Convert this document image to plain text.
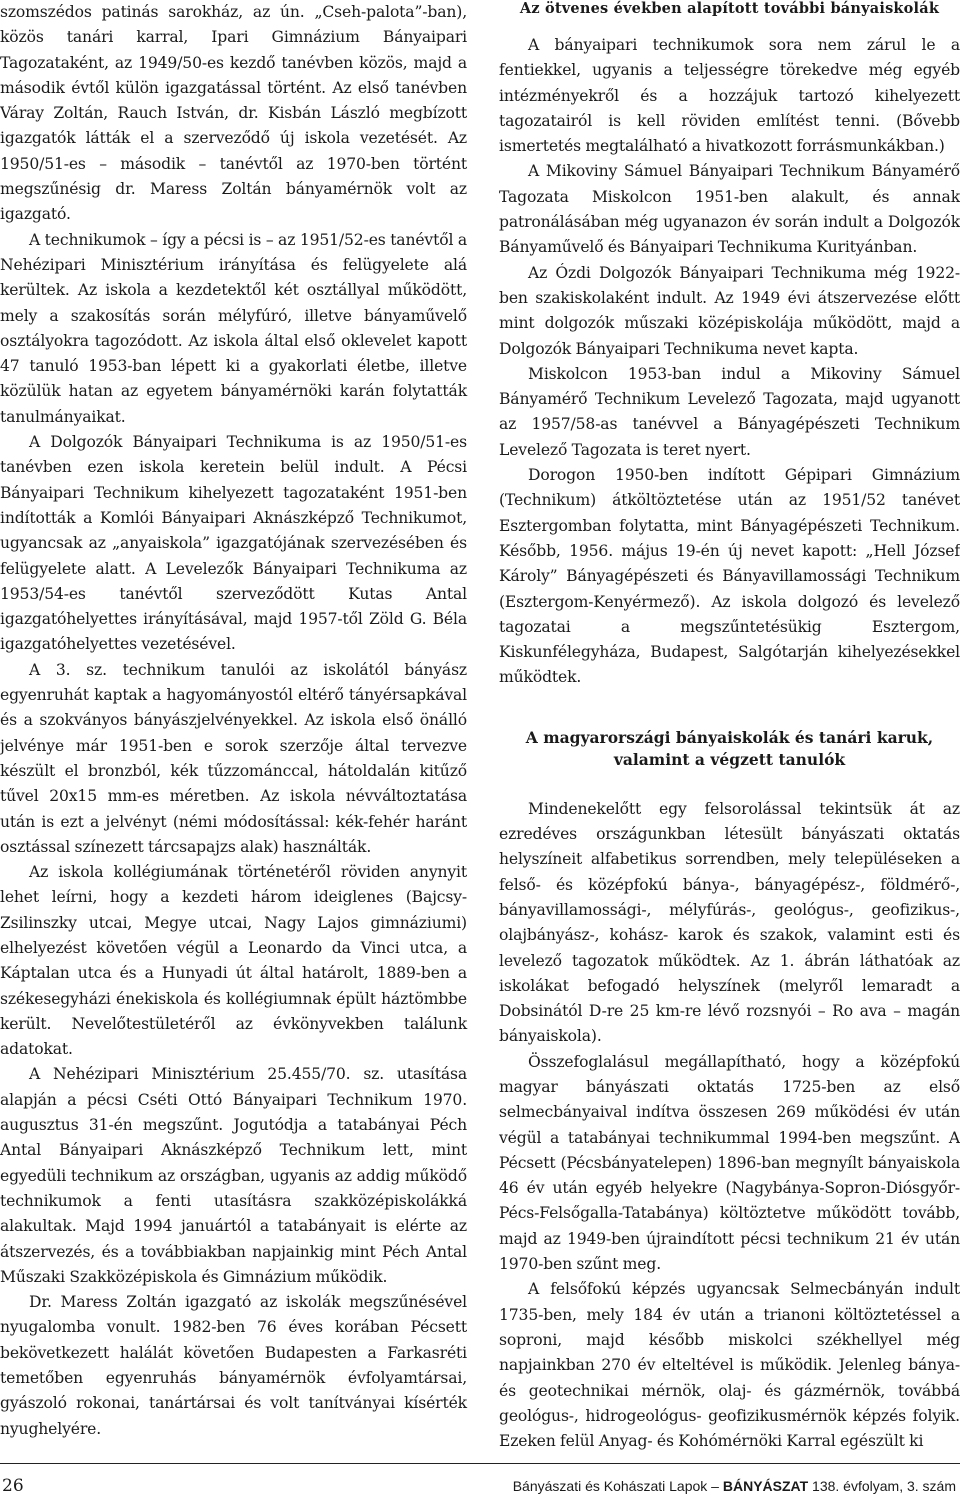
szomszédos patinás sarokház, az ún. „Cseh-palota”-ban), közös tanári karral, Ipari Gimnázium Bányaipari Tagozataként, az 1949/50-es kezdő tanévben közös, majd a második évtől külön igazgatással történt. Az első tanévben Váray Zoltán, Rauch István, dr. Kisbán László megbízott igazgatók látták el a szerveződő új iskola vezetését. Az 1950/51-es – második – tanévtől az 1970-ben történt megszűnésig dr. Maress Zoltán bányamérnök volt az igazgató.

A technikumok – így a pécsi is – az 1951/52-es tanévtől a Nehézipari Minisztérium irányítása és felügyelete alá kerültek. Az iskola a kezdetektől két osztállyal működött, mely a szakosítás során mélyfúró, illetve bányaművelő osztályokra tagozódott. Az iskola által első oklevelet kapott 47 tanuló 1953-ban lépett ki a gyakorlati életbe, illetve közülük hatan az egyetem bányamérnöki karán folytatták tanulmányaikat.

A Dolgozók Bányaipari Technikuma is az 1950/51-es tanévben ezen iskola keretein belül indult. A Pécsi Bányaipari Technikum kihelyezett tagozataként 1951-ben indították a Komlói Bányaipari Aknászképző Technikumot, ugyancsak az „anyaiskola” igazgatójának szervezésében és felügyelete alatt. A Levelezők Bányaipari Technikuma az 1953/54-es tanévtől szerveződött Kutas Antal igazgatóhelyettes irányításával, majd 1957-től Zöld G. Béla igazgatóhelyettes vezetésével.

A 3. sz. technikum tanulói az iskolától bányász egyenruhát kaptak a hagyományostól eltérő tányérsapkával és a szokványos bányászjelvényekkel. Az iskola első önálló jelvénye már 1951-ben e sorok szerzője által tervezve készült el bronzból, kék tűzzománccal, hátoldalán kitűző tűvel 20x15 mm-es méretben. Az iskola névváltoztatása után is ezt a jelvényt (némi módosítással: kék-fehér haránt osztással színezett tárcsapajzs alak) használták.

Az iskola kollégiumának történetéről röviden anynyit lehet leírni, hogy a kezdeti három ideiglenes (Bajcsy-Zsilinszky utcai, Megye utcai, Nagy Lajos gimnáziumi) elhelyezést követően végül a Leonardo da Vinci utca, a Káptalan utca és a Hunyadi út által határolt, 1889-ben a székesegyházi énekiskola és kollégiumnak épült háztömbbe került. Nevelőtestületéről az évkönyvekben találunk adatokat.

A Nehézipari Minisztérium 25.455/70. sz. utasítása alapján a pécsi Cséti Ottó Bányaipari Technikum 1970. augusztus 31-én megszűnt. Jogutódja a tatabányai Péch Antal Bányaipari Aknászképző Technikum lett, mint egyedüli technikum az országban, ugyanis az addig működő technikumok a fenti utasításra szakközépiskolákká alakultak. Majd 1994 januártól a tatabányait is elérte az átszervezés, és a továbbiakban napjainkig mint Péch Antal Műszaki Szakközépiskola és Gimnázium működik.

Dr. Maress Zoltán igazgató az iskolák megszűnésével nyugalomba vonult. 1982-ben 76 éves korában Pécsett bekövetkezett halálát követően Budapesten a Farkasréti temetőben egyenruhás bányamérnök évfolyamtársai, gyászoló rokonai, tanártársai és volt tanítványai kísérték nyughelyére.

Az ötvenes években alapított további bányaiskolák

A bányaipari technikumok sora nem zárul le a fentiekkel, ugyanis a teljességre törekedve még egyéb intézményekről és a hozzájuk tartozó kihelyezett tagozatairól is kell röviden említést tenni. (Bővebb ismertetés megtalálható a hivatkozott forrásmunkákban.)

A Mikoviny Sámuel Bányaipari Technikum Bányamérő Tagozata Miskolcon 1951-ben alakult, és annak patronálásában még ugyanazon év során indult a Dolgozók Bányaművelő és Bányaipari Technikuma Kurityánban.

Az Ózdi Dolgozók Bányaipari Technikuma még 1922-ben szakiskolaként indult. Az 1949 évi átszervezése előtt mint dolgozók műszaki középiskolája működött, majd a Dolgozók Bányaipari Technikuma nevet kapta.

Miskolcon 1953-ban indul a Mikoviny Sámuel Bányamérő Technikum Levelező Tagozata, majd ugyanott az 1957/58-as tanévvel a Bányagépészeti Technikum Levelező Tagozata is teret nyert.

Dorogon 1950-ben indított Gépipari Gimnázium (Technikum) átköltöztetése után az 1951/52 tanévet Esztergomban folytatta, mint Bányagépészeti Technikum. Később, 1956. május 19-én új nevet kapott: „Hell József Károly” Bányagépészeti és Bányavillamossági Technikum (Esztergom-Kenyérmező). Az iskola dolgozó és levelező tagozatai a megszűntetésükig Esztergom, Kiskunfélegyháza, Budapest, Salgótarján kihelyezésekkel működtek.

A magyarországi bányaiskolák és tanári karuk,
valamint a végzett tanulók

Mindenekelőtt egy felsorolással tekintsük át az ezredéves országunkban létesült bányászati oktatás helyszíneit alfabetikus sorrendben, mely településeken a felső- és középfokú bánya-, bányagépész-, földmérő-, bányavillamossági-, mélyfúrás-, geológus-, geofizikus-, olajbányász-, kohász- karok és szakok, valamint esti és levelező tagozatok működtek. Az 1. ábrán láthatóak az iskolákat befogadó helyszínek (melyről lemaradt a Dobsinától D-re 25 km-re lévő rozsnyói – Ro ava – magán bányaiskola).

Összefoglalásul megállapítható, hogy a középfokú magyar bányászati oktatás 1725-ben az első selmecbányaival indítva összesen 269 működési év után végül a tatabányai technikummal 1994-ben megszűnt. A Pécsett (Pécsbányatelepen) 1896-ban megnyílt bányaiskola 46 év után egyéb helyekre (Nagybánya-Sopron-Diósgyőr-Pécs-Felsőgalla-Tatabánya) költöztetve működött tovább, majd az 1949-ben újraindított pécsi technikum 21 év után 1970-ben szűnt meg.

A felsőfokú képzés ugyancsak Selmecbányán indult 1735-ben, mely 184 év után a trianoni költöztetéssel a soproni, majd később miskolci székhellyel még napjainkban 270 év elteltével is működik. Jelenleg bánya- és geotechnikai mérnök, olaj- és gázmérnök, továbbá geológus-, hidrogeológus- geofizikusmérnök képzés folyik. Ezeken felül Anyag- és Kohómérnöki Karral egészült ki

26	Bányászati és Kohászati Lapok – BÁNYÁSZAT 138. évfolyam, 3. szám
